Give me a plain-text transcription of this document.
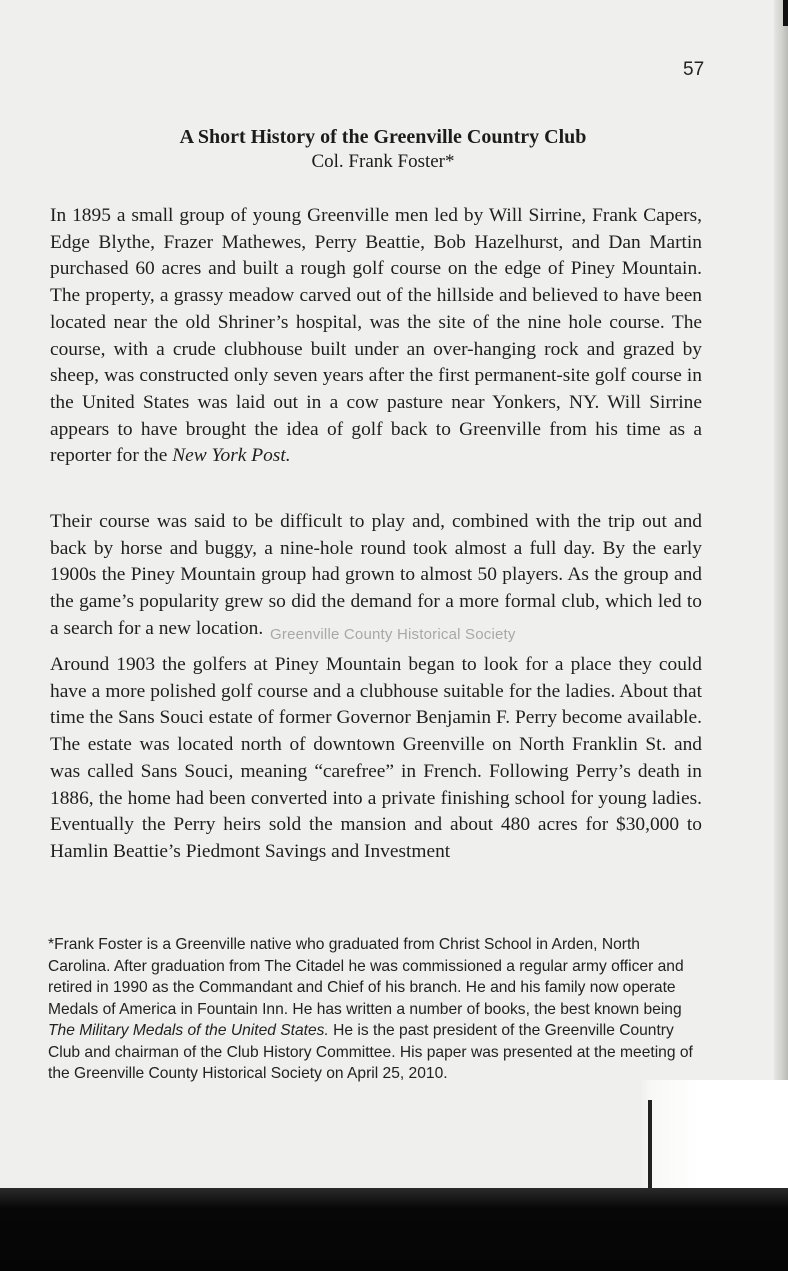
57
A Short History of the Greenville Country Club
Col. Frank Foster*

In 1895 a small group of young Greenville men led by Will Sirrine, Frank Capers, Edge Blythe, Frazer Mathewes, Perry Beattie, Bob Hazelhurst, and Dan Martin purchased 60 acres and built a rough golf course on the edge of Piney Mountain. The property, a grassy meadow carved out of the hillside and believed to have been located near the old Shriner’s hospital, was the site of the nine hole course. The course, with a crude clubhouse built under an over-hanging rock and grazed by sheep, was constructed only seven years after the first permanent-site golf course in the United States was laid out in a cow pasture near Yonkers, NY. Will Sirrine appears to have brought the idea of golf back to Greenville from his time as a reporter for the New York Post.

Their course was said to be difficult to play and, combined with the trip out and back by horse and buggy, a nine-hole round took almost a full day. By the early 1900s the Piney Mountain group had grown to almost 50 players. As the group and the game’s popularity grew so did the demand for a more formal club, which led to a search for a new location. Greenville County Historical Society

Around 1903 the golfers at Piney Mountain began to look for a place they could have a more polished golf course and a clubhouse suitable for the ladies. About that time the Sans Souci estate of former Governor Benjamin F. Perry become available. The estate was located north of downtown Greenville on North Franklin St. and was called Sans Souci, meaning “carefree” in French. Following Perry’s death in 1886, the home had been converted into a private finishing school for young ladies. Eventually the Perry heirs sold the mansion and about 480 acres for $30,000 to Hamlin Beattie’s Piedmont Savings and Investment

*Frank Foster is a Greenville native who graduated from Christ School in Arden, North Carolina. After graduation from The Citadel he was commissioned a regular army officer and retired in 1990 as the Commandant and Chief of his branch. He and his family now operate Medals of America in Fountain Inn. He has written a number of books, the best known being The Military Medals of the United States. He is the past president of the Greenville Country Club and chairman of the Club History Committee. His paper was presented at the meeting of the Greenville County Historical Society on April 25, 2010.
